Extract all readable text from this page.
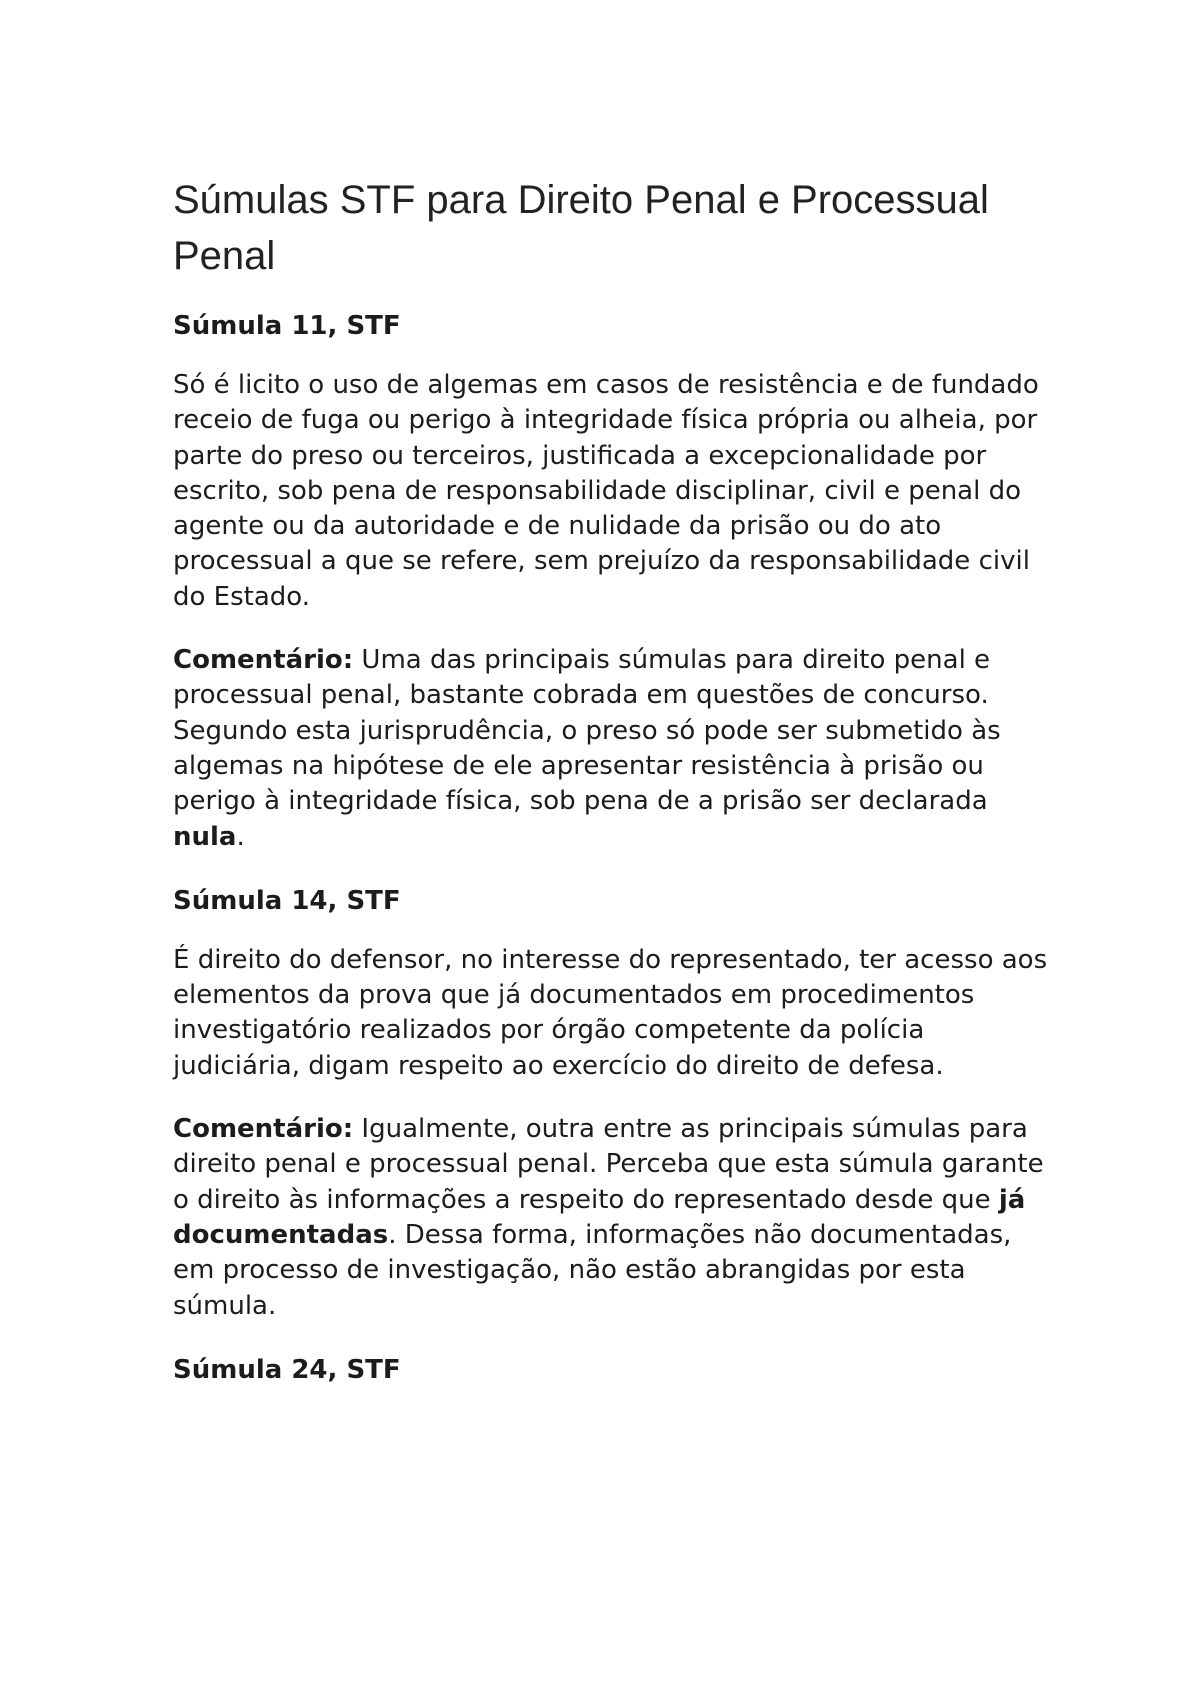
Súmulas STF para Direito Penal e Processual Penal
Súmula 11, STF

Só é licito o uso de algemas em casos de resistência e de fundado receio de fuga ou perigo à integridade física própria ou alheia, por parte do preso ou terceiros, justificada a excepcionalidade por escrito, sob pena de responsabilidade disciplinar, civil e penal do agente ou da autoridade e de nulidade da prisão ou do ato processual a que se refere, sem prejuízo da responsabilidade civil do Estado.

Comentário: Uma das principais súmulas para direito penal e processual penal, bastante cobrada em questões de concurso. Segundo esta jurisprudência, o preso só pode ser submetido às algemas na hipótese de ele apresentar resistência à prisão ou perigo à integridade física, sob pena de a prisão ser declarada nula.

Súmula 14, STF

É direito do defensor, no interesse do representado, ter acesso aos elementos da prova que já documentados em procedimentos investigatório realizados por órgão competente da polícia judiciária, digam respeito ao exercício do direito de defesa.

Comentário: Igualmente, outra entre as principais súmulas para direito penal e processual penal. Perceba que esta súmula garante o direito às informações a respeito do representado desde que já documentadas. Dessa forma, informações não documentadas, em processo de investigação, não estão abrangidas por esta súmula.

Súmula 24, STF
